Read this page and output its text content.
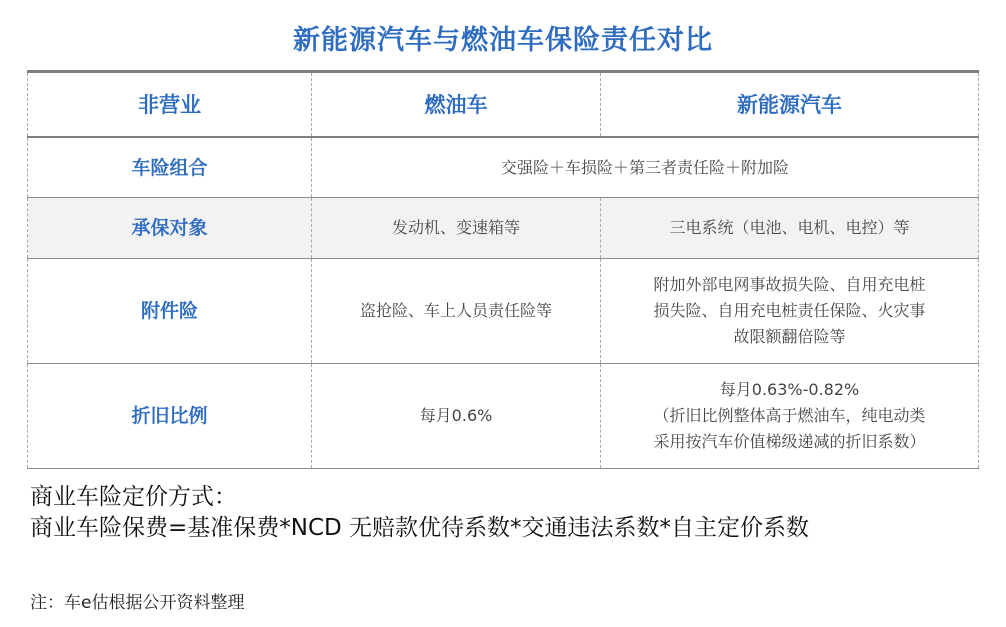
新能源汽车与燃油车保险责任对比
非营业	燃油车	新能源汽车
车险组合	交强险＋车损险＋第三者责任险＋附加险	
承保对象	发动机、变速箱等	三电系统（电池、电机、电控）等
附件险	盗抢险、车上人员责任险等	附加外部电网事故损失险、自用充电桩
损失险、自用充电桩责任保险、火灾事
故限额翻倍险等

折旧比例	每月0.6%	每月0.63%-0.82%
（折旧比例整体高于燃油车，纯电动类
采用按汽车价值梯级递减的折旧系数）
商业车险定价方式：
商业车险保费=基准保费*NCD 无赔款优待系数*交通违法系数*自主定价系数
注：车e估根据公开资料整理
